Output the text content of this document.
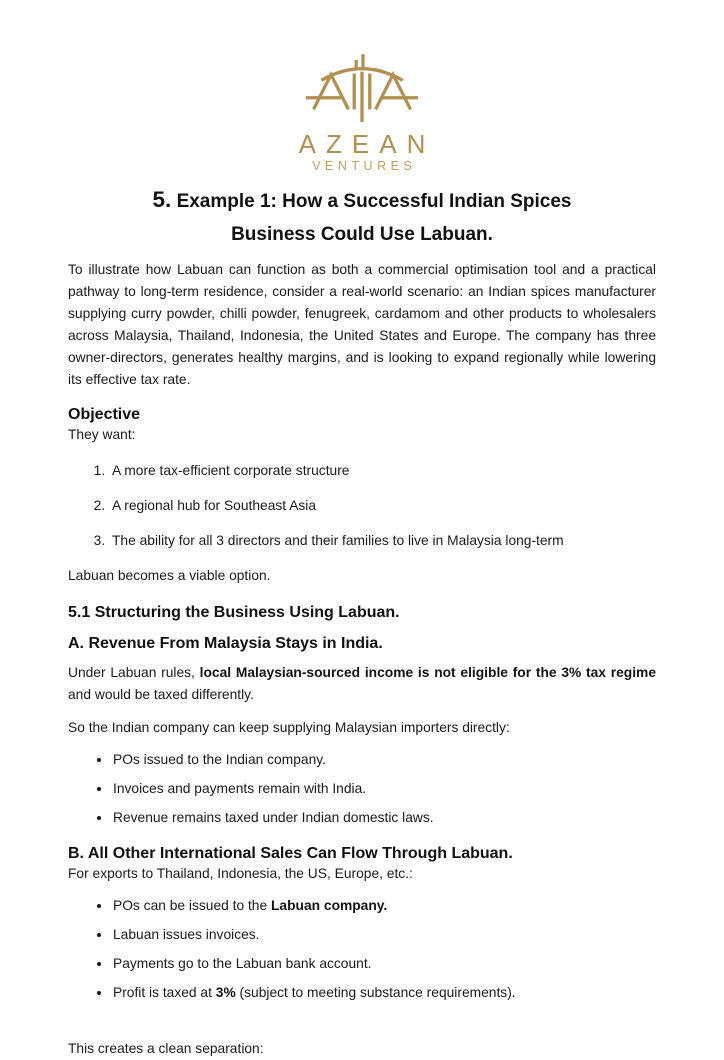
AZEAN
VENTURES
5. Example 1: How a Successful Indian Spices
Business Could Use Labuan.

To illustrate how Labuan can function as both a commercial optimisation tool and a practical pathway to long-term residence, consider a real-world scenario: an Indian spices manufacturer supplying curry powder, chilli powder, fenugreek, cardamom and other products to wholesalers across Malaysia, Thailand, Indonesia, the United States and Europe. The company has three owner-directors, generates healthy margins, and is looking to expand regionally while lowering its effective tax rate.

Objective

They want:

1. A more tax-efficient corporate structure
2. A regional hub for Southeast Asia
3. The ability for all 3 directors and their families to live in Malaysia long-term

Labuan becomes a viable option.

5.1 Structuring the Business Using Labuan.
A. Revenue From Malaysia Stays in India.

Under Labuan rules, local Malaysian-sourced income is not eligible for the 3% tax regime and would be taxed differently.

So the Indian company can keep supplying Malaysian importers directly:

• POs issued to the Indian company.
• Invoices and payments remain with India.
• Revenue remains taxed under Indian domestic laws.
B. All Other International Sales Can Flow Through Labuan.

For exports to Thailand, Indonesia, the US, Europe, etc.:

• POs can be issued to the Labuan company.
• Labuan issues invoices.
• Payments go to the Labuan bank account.
• Profit is taxed at 3% (subject to meeting substance requirements).

This creates a clean separation:
